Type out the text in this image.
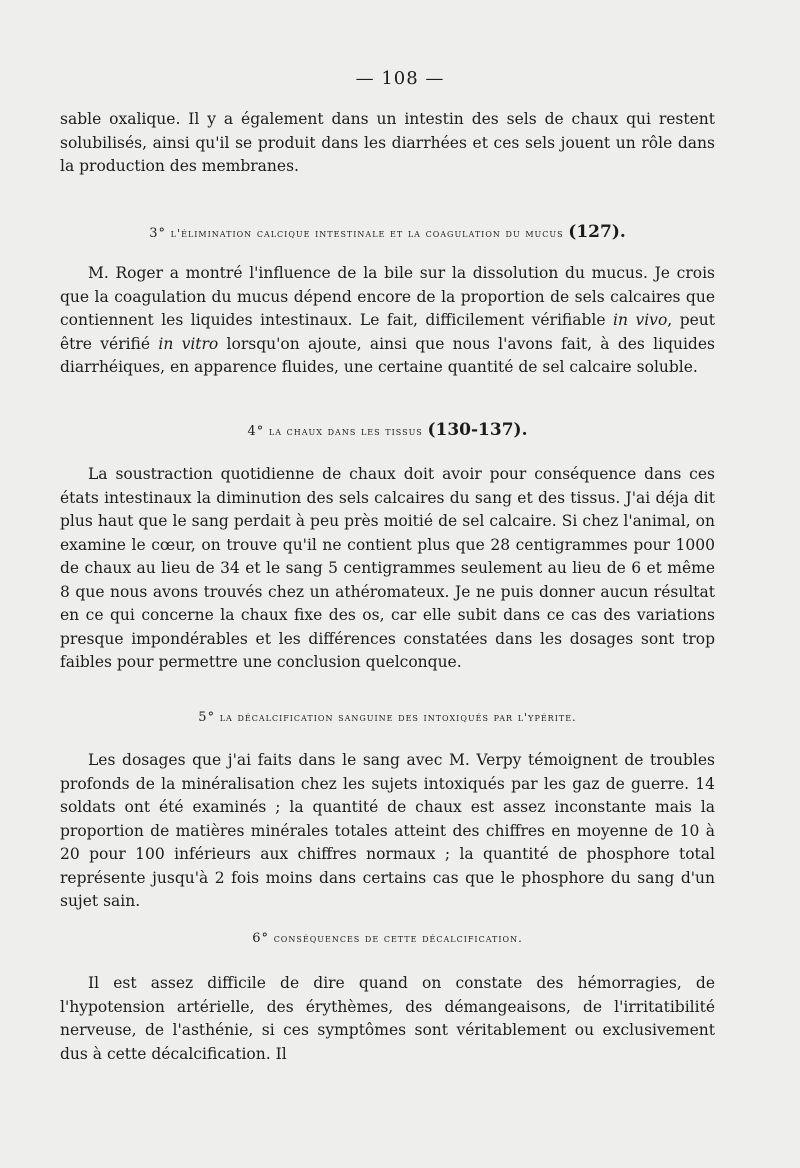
— 108 —

sable oxalique. Il y a également dans un intestin des sels de chaux qui restent solubilisés, ainsi qu'il se produit dans les diarrhées et ces sels jouent un rôle dans la production des membranes.

3° l'élimination calcique intestinale et la coagulation du mucus (127).

M. Roger a montré l'influence de la bile sur la dissolution du mucus. Je crois que la coagulation du mucus dépend encore de la proportion de sels calcaires que contiennent les liquides intestinaux. Le fait, difficilement vérifiable in vivo, peut être vérifié in vitro lorsqu'on ajoute, ainsi que nous l'avons fait, à des liquides diarrhéiques, en apparence fluides, une certaine quantité de sel calcaire soluble.

4° la chaux dans les tissus (130-137).

La soustraction quotidienne de chaux doit avoir pour conséquence dans ces états intestinaux la diminution des sels calcaires du sang et des tissus. J'ai déja dit plus haut que le sang perdait à peu près moitié de sel calcaire. Si chez l'animal, on examine le cœur, on trouve qu'il ne contient plus que 28 centigrammes pour 1000 de chaux au lieu de 34 et le sang 5 centigrammes seulement au lieu de 6 et même 8 que nous avons trouvés chez un athéromateux. Je ne puis donner aucun résultat en ce qui concerne la chaux fixe des os, car elle subit dans ce cas des variations presque impondérables et les différences constatées dans les dosages sont trop faibles pour permettre une conclusion quelconque.

5° la décalcification sanguine des intoxiqués par l'ypérite.

Les dosages que j'ai faits dans le sang avec M. Verpy témoignent de troubles profonds de la minéralisation chez les sujets intoxiqués par les gaz de guerre. 14 soldats ont été examinés ; la quantité de chaux est assez inconstante mais la proportion de matières minérales totales atteint des chiffres en moyenne de 10 à 20 pour 100 inférieurs aux chiffres normaux ; la quantité de phosphore total représente jusqu'à 2 fois moins dans certains cas que le phosphore du sang d'un sujet sain.

6° conséquences de cette décalcification.

Il est assez difficile de dire quand on constate des hémorragies, de l'hypotension artérielle, des érythèmes, des démangeaisons, de l'irritatibilité nerveuse, de l'asthénie, si ces symptômes sont véritablement ou exclusivement dus à cette décalcification. Il
